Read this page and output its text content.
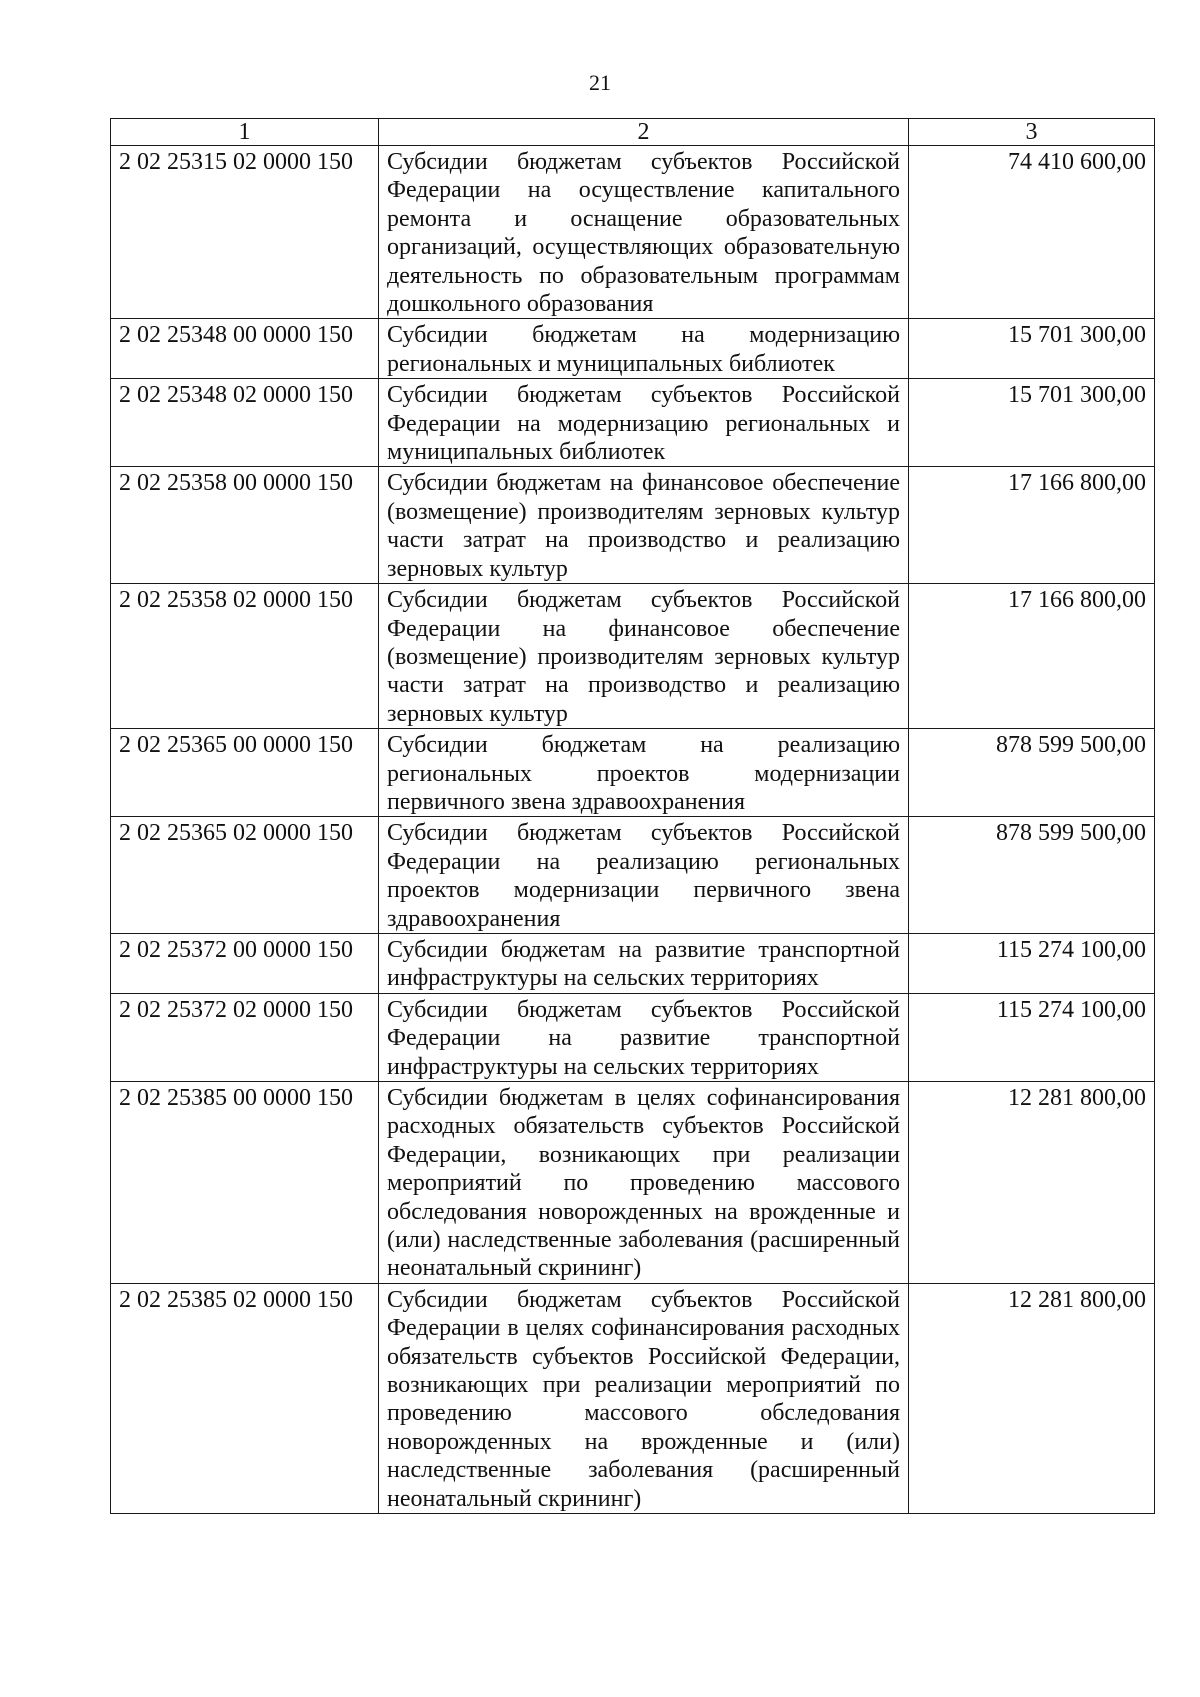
21
1	2	3
2 02 25315 02 0000 150	Субсидии бюджетам субъектов Российской Федерации на осуществление капитального ремонта и оснащение образовательных организаций, осуществляющих образовательную деятельность по образовательным программам дошкольного образования	74 410 600,00
2 02 25348 00 0000 150	Субсидии бюджетам на модернизацию региональных и муниципальных библиотек	15 701 300,00
2 02 25348 02 0000 150	Субсидии бюджетам субъектов Российской Федерации на модернизацию региональных и муниципальных библиотек	15 701 300,00
2 02 25358 00 0000 150	Субсидии бюджетам на финансовое обеспечение (возмещение) производителям зерновых культур части затрат на производство и реализацию зерновых культур	17 166 800,00
2 02 25358 02 0000 150	Субсидии бюджетам субъектов Российской Федерации на финансовое обеспечение (возмещение) производителям зерновых культур части затрат на производство и реализацию зерновых культур	17 166 800,00
2 02 25365 00 0000 150	Субсидии бюджетам на реализацию региональных проектов модернизации первичного звена здравоохранения	878 599 500,00
2 02 25365 02 0000 150	Субсидии бюджетам субъектов Российской Федерации на реализацию региональных проектов модернизации первичного звена здравоохранения	878 599 500,00
2 02 25372 00 0000 150	Субсидии бюджетам на развитие транспортной инфраструктуры на сельских территориях	115 274 100,00
2 02 25372 02 0000 150	Субсидии бюджетам субъектов Российской Федерации на развитие транспортной инфраструктуры на сельских территориях	115 274 100,00
2 02 25385 00 0000 150	Субсидии бюджетам в целях софинансирования расходных обязательств субъектов Российской Федерации, возникающих при реализации мероприятий по проведению массового обследования новорожденных на врожденные и (или) наследственные заболевания (расширенный неонатальный скрининг)	12 281 800,00
2 02 25385 02 0000 150	Субсидии бюджетам субъектов Российской Федерации в целях софинансирования расходных обязательств субъектов Российской Федерации, возникающих при реализации мероприятий по проведению массового обследования новорожденных на врожденные и (или) наследственные заболевания (расширенный неонатальный скрининг)	12 281 800,00
